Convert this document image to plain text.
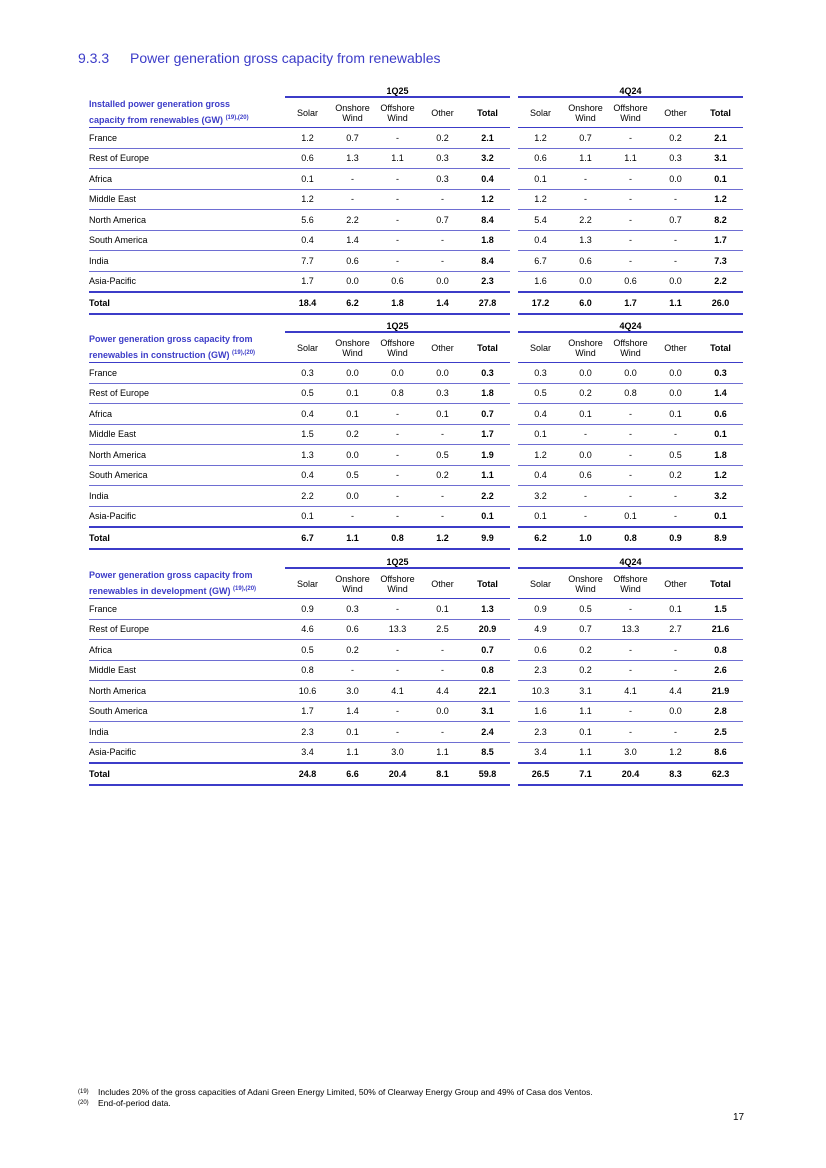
9.3.3 Power generation gross capacity from renewables
	1Q25						4Q24				
Installed power generation gross
capacity from renewables (GW) $^{(19),(20)}$	Solar	Onshore
Wind	Offshore
Wind	Other	Total		Solar	Onshore
Wind	Offshore
Wind	Other	Total
France	1.2	0.7	-	0.2	2.1		1.2	0.7	-	0.2	2.1
Rest of Europe	0.6	1.3	1.1	0.3	3.2		0.6	1.1	1.1	0.3	3.1
Africa	0.1	-	-	0.3	0.4		0.1	-	-	0.0	0.1
Middle East	1.2	-	-	-	1.2		1.2	-	-	-	1.2
North America	5.6	2.2	-	0.7	8.4		5.4	2.2	-	0.7	8.2
South America	0.4	1.4	-	-	1.8		0.4	1.3	-	-	1.7
India	7.7	0.6	-	-	8.4		6.7	0.6	-	-	7.3
Asia-Pacific	1.7	0.0	0.6	0.0	2.3		1.6	0.0	0.6	0.0	2.2
Total	18.4	6.2	1.8	1.4	27.8		17.2	6.0	1.7	1.1	26.0
	1Q25						4Q24				
Power generation gross capacity from
renewables in construction (GW) $^{(19),(20)}$	Solar	Onshore
Wind	Offshore
Wind	Other	Total		Solar	Onshore
Wind	Offshore
Wind	Other	Total
France	0.3	0.0	0.0	0.0	0.3		0.3	0.0	0.0	0.0	0.3
Rest of Europe	0.5	0.1	0.8	0.3	1.8		0.5	0.2	0.8	0.0	1.4
Africa	0.4	0.1	-	0.1	0.7		0.4	0.1	-	0.1	0.6
Middle East	1.5	0.2	-	-	1.7		0.1	-	-	-	0.1
North America	1.3	0.0	-	0.5	1.9		1.2	0.0	-	0.5	1.8
South America	0.4	0.5	-	0.2	1.1		0.4	0.6	-	0.2	1.2
India	2.2	0.0	-	-	2.2		3.2	-	-	-	3.2
Asia-Pacific	0.1	-	-	-	0.1		0.1	-	0.1	-	0.1
Total	6.7	1.1	0.8	1.2	9.9		6.2	1.0	0.8	0.9	8.9
	1Q25						4Q24				
Power generation gross capacity from
renewables in development (GW) $^{(19),(20)}$	Solar	Onshore
Wind	Offshore
Wind	Other	Total		Solar	Onshore
Wind	Offshore
Wind	Other	Total
France	0.9	0.3	-	0.1	1.3		0.9	0.5	-	0.1	1.5
Rest of Europe	4.6	0.6	13.3	2.5	20.9		4.9	0.7	13.3	2.7	21.6
Africa	0.5	0.2	-	-	0.7		0.6	0.2	-	-	0.8
Middle East	0.8	-	-	-	0.8		2.3	0.2	-	-	2.6
North America	10.6	3.0	4.1	4.4	22.1		10.3	3.1	4.1	4.4	21.9
South America	1.7	1.4	-	0.0	3.1		1.6	1.1	-	0.0	2.8
India	2.3	0.1	-	-	2.4		2.3	0.1	-	-	2.5
Asia-Pacific	3.4	1.1	3.0	1.1	8.5		3.4	1.1	3.0	1.2	8.6
Total	24.8	6.6	20.4	8.1	59.8		26.5	7.1	20.4	8.3	62.3
$^{(19)}$ Includes 20% of the gross capacities of Adani Green Energy Limited, 50% of Clearway Energy Group and 49% of Casa dos Ventos.
$^{(20)}$ End-of-period data.
17
